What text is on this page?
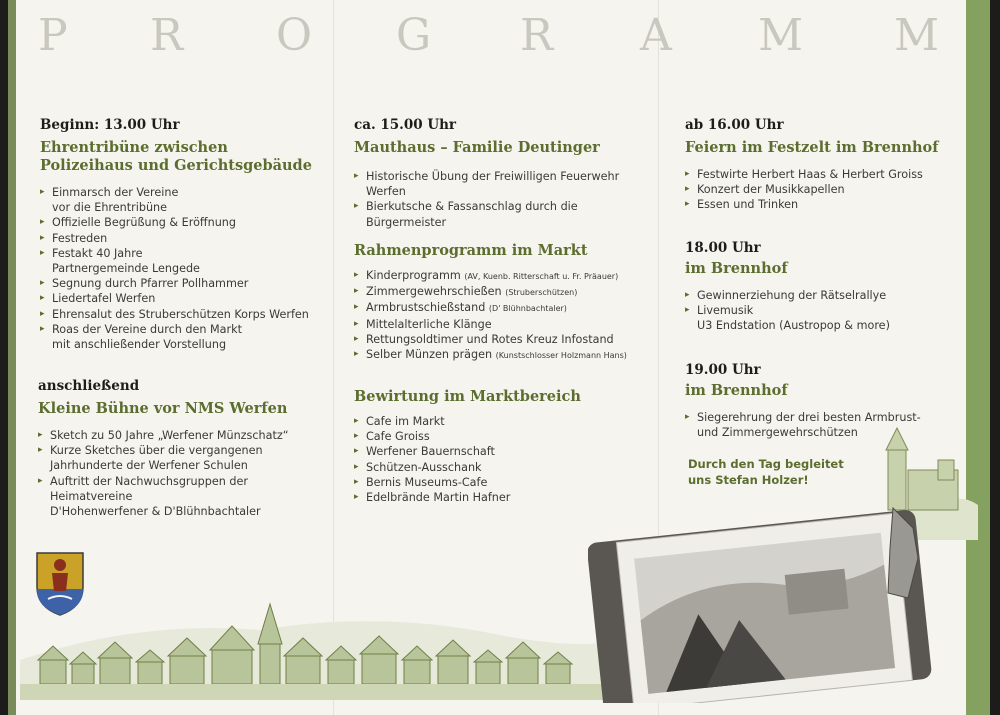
P R O G R A M M

Beginn: 13.00 Uhr

Ehrentribüne zwischen
Polizeihaus und Gerichtsgebäude

▸ Einmarsch der Vereine
vor die Ehrentribüne
▸ Offizielle Begrüßung & Eröffnung
▸ Festreden
▸ Festakt 40 Jahre
Partnergemeinde Lengede
▸ Segnung durch Pfarrer Pollhammer
▸ Liedertafel Werfen
▸ Ehrensalut des Struberschützen Korps Werfen
▸ Roas der Vereine durch den Markt
mit anschließender Vorstellung

anschließend

Kleine Bühne vor NMS Werfen

▸ Sketch zu 50 Jahre „Werfener Münzschatz“
▸ Kurze Sketches über die vergangenen
Jahrhunderte der Werfener Schulen
▸ Auftritt der Nachwuchsgruppen der Heimatvereine
D'Hohenwerfener & D'Blühnbachtaler

ca. 15.00 Uhr

Mauthaus – Familie Deutinger

▸ Historische Übung der Freiwilligen Feuerwehr Werfen
▸ Bierkutsche & Fassanschlag durch die Bürgermeister

Rahmenprogramm im Markt

▸ Kinderprogramm (AV, Kuenb. Ritterschaft u. Fr. Präauer)
▸ Zimmergewehrschießen (Struberschützen)
▸ Armbrustschießstand (D' Blühnbachtaler)
▸ Mittelalterliche Klänge
▸ Rettungsoldtimer und Rotes Kreuz Infostand
▸ Selber Münzen prägen (Kunstschlosser Holzmann Hans)

Bewirtung im Marktbereich

▸ Cafe im Markt
▸ Cafe Groiss
▸ Werfener Bauernschaft
▸ Schützen-Ausschank
▸ Bernis Museums-Cafe
▸ Edelbrände Martin Hafner

ab 16.00 Uhr

Feiern im Festzelt im Brennhof

▸ Festwirte Herbert Haas & Herbert Groiss
▸ Konzert der Musikkapellen
▸ Essen und Trinken

18.00 Uhr

im Brennhof

▸ Gewinnerziehung der Rätselrallye
▸ Livemusik
U3 Endstation (Austropop & more)

19.00 Uhr

im Brennhof

▸ Siegerehrung der drei besten Armbrust-
und Zimmergewehrschützen

Durch den Tag begleitet

uns Stefan Holzer!
